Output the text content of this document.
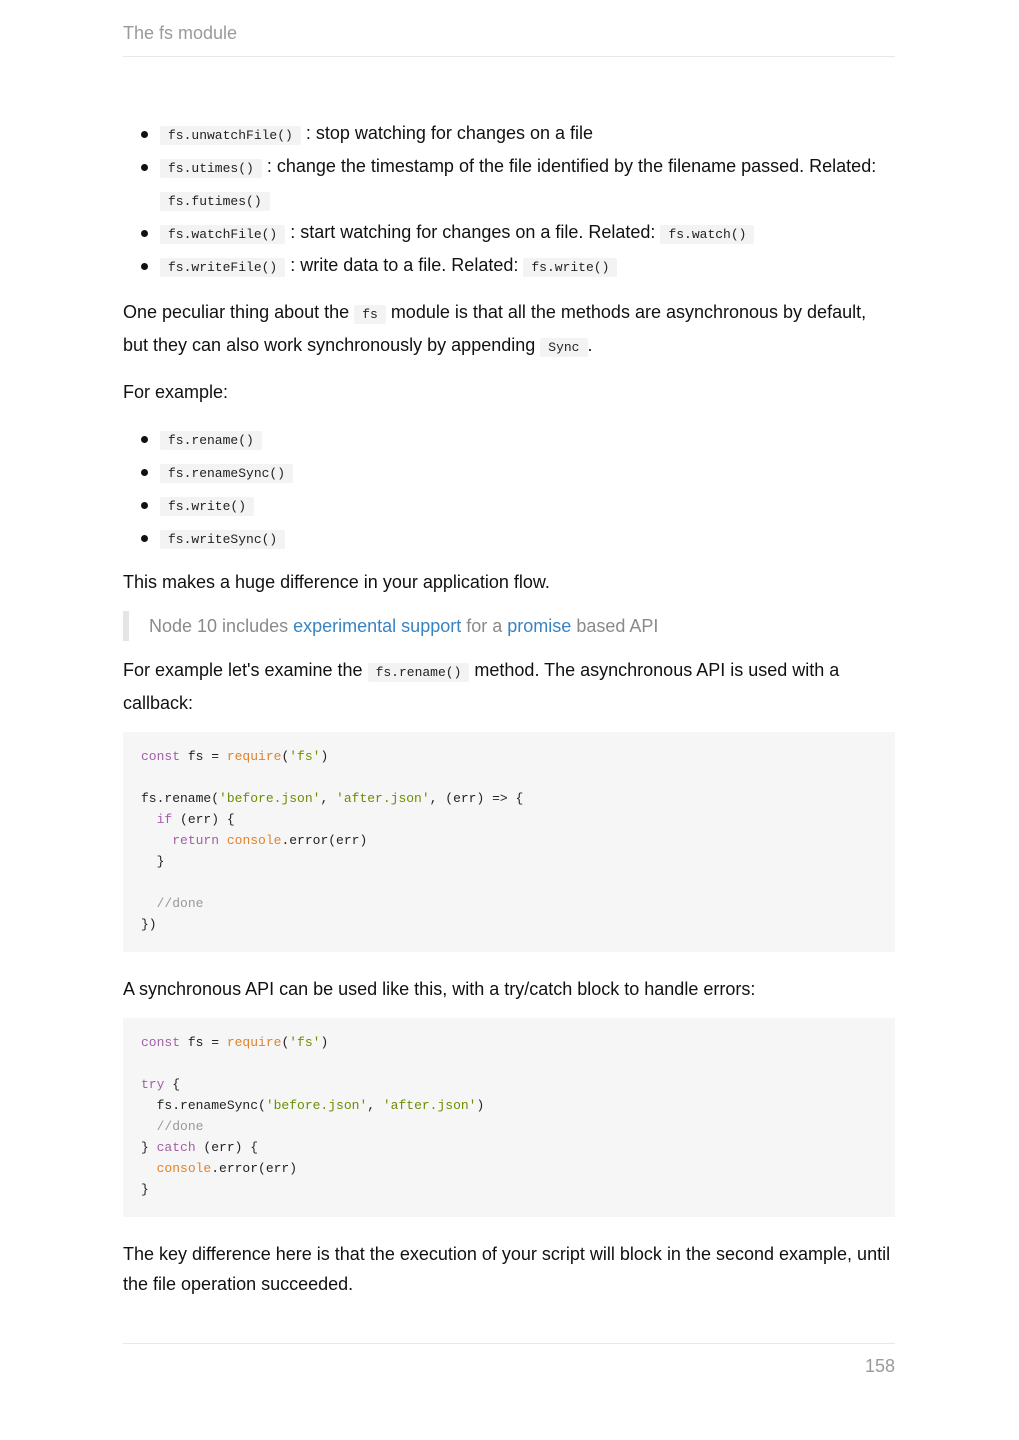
The fs module
fs.unwatchFile() : stop watching for changes on a file
fs.utimes() : change the timestamp of the file identified by the filename passed. Related: fs.futimes()
fs.watchFile() : start watching for changes on a file. Related: fs.watch()
fs.writeFile() : write data to a file. Related: fs.write()

One peculiar thing about the fs module is that all the methods are asynchronous by default, but they can also work synchronously by appending Sync .

For example:

fs.rename()
fs.renameSync()
fs.write()
fs.writeSync()

This makes a huge difference in your application flow.

Node 10 includes experimental support for a promise based API

For example let's examine the fs.rename() method. The asynchronous API is used with a callback:

const fs = require('fs')

fs.rename('before.json', 'after.json', (err) => {
if (err) {
return console.error(err)
}

//done
})

A synchronous API can be used like this, with a try/catch block to handle errors:

const fs = require('fs')

try {
fs.renameSync('before.json', 'after.json')
//done
} catch (err) {
console.error(err)
}

The key difference here is that the execution of your script will block in the second example, until the file operation succeeded.

158
